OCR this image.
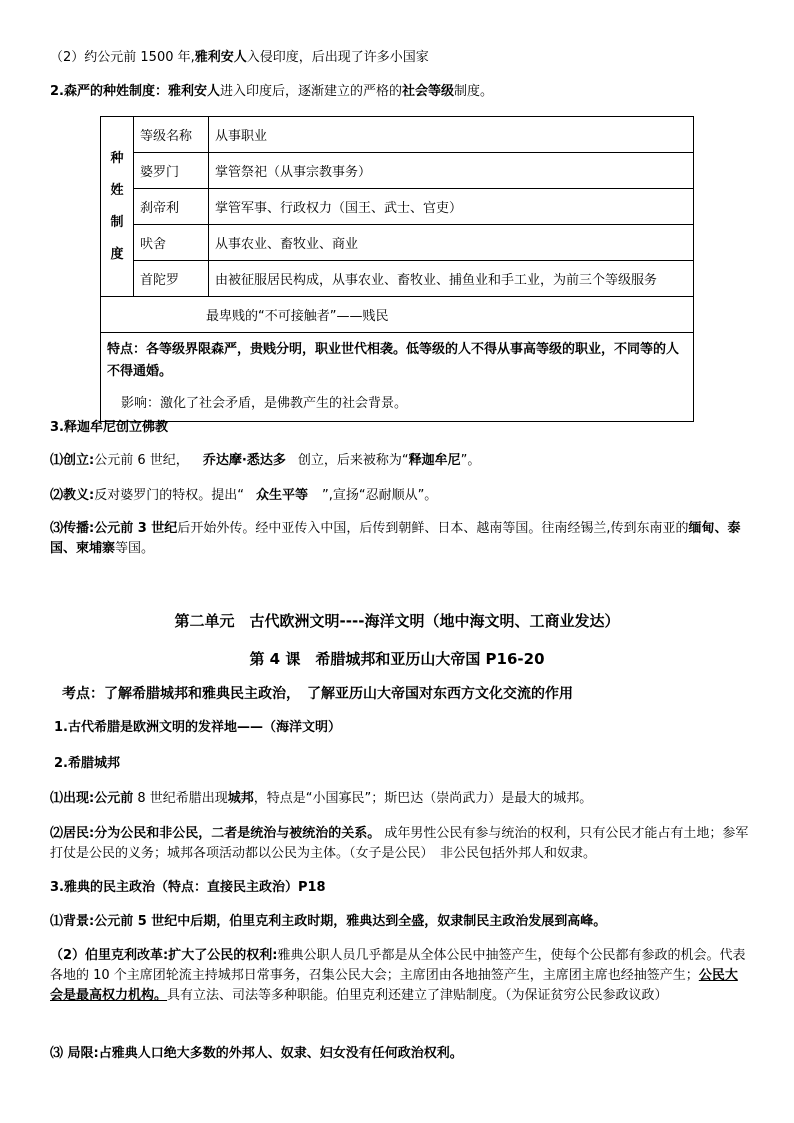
（2）约公元前 1500 年,雅利安人入侵印度，后出现了许多小国家
2.森严的种姓制度：雅利安人进入印度后，逐渐建立的严格的社会等级制度。
种
姓
制
度	等级名称	从事职业
	婆罗门	掌管祭祀（从事宗教事务）
	刹帝利	掌管军事、行政权力（国王、武士、官吏）
	吠舍	从事农业、畜牧业、商业
	首陀罗	由被征服居民构成，从事农业、畜牧业、捕鱼业和手工业，为前三个等级服务
最卑贱的“不可接触者”——贱民		

特点：各等级界限森严，贵贱分明，职业世代相袭。低等级的人不得从事高等级的职业，不同等的人不得通婚。
影响：激化了社会矛盾，是佛教产生的社会背景。		
3.释迦牟尼创立佛教
⑴创立:公元前 6 世纪， 乔达摩·悉达多 创立，后来被称为“释迦牟尼”。
⑵教义:反对婆罗门的特权。提出“ 众生平等 ”,宣扬“忍耐顺从”。
⑶传播:公元前 3 世纪后开始外传。经中亚传入中国，后传到朝鲜、日本、越南等国。往南经锡兰,传到东南亚的缅甸、泰国、柬埔寨等国。
第二单元　古代欧洲文明----海洋文明（地中海文明、工商业发达）
第 4 课　希腊城邦和亚历山大帝国 P16-20
考点：了解希腊城邦和雅典民主政治，　了解亚历山大帝国对东西方文化交流的作用
1.古代希腊是欧洲文明的发祥地——（海洋文明）
2.希腊城邦
⑴出现:公元前 8 世纪希腊出现城邦，特点是“小国寡民”；斯巴达（崇尚武力）是最大的城邦。
⑵居民:分为公民和非公民，二者是统治与被统治的关系。 成年男性公民有参与统治的权利，只有公民才能占有土地；参军打仗是公民的义务；城邦各项活动都以公民为主体。（女子是公民）　非公民包括外邦人和奴隶。
3.雅典的民主政治（特点：直接民主政治）P18
⑴背景:公元前 5 世纪中后期，伯里克利主政时期，雅典达到全盛，奴隶制民主政治发展到高峰。
（2）伯里克利改革:扩大了公民的权利:雅典公职人员几乎都是从全体公民中抽签产生，使每个公民都有参政的机会。代表各地的 10 个主席团轮流主持城邦日常事务，召集公民大会；主席团由各地抽签产生，主席团主席也经抽签产生；公民大会是最高权力机构。具有立法、司法等多种职能。伯里克利还建立了津贴制度。（为保证贫穷公民参政议政）
⑶ 局限:占雅典人口绝大多数的外邦人、奴隶、妇女没有任何政治权利。
